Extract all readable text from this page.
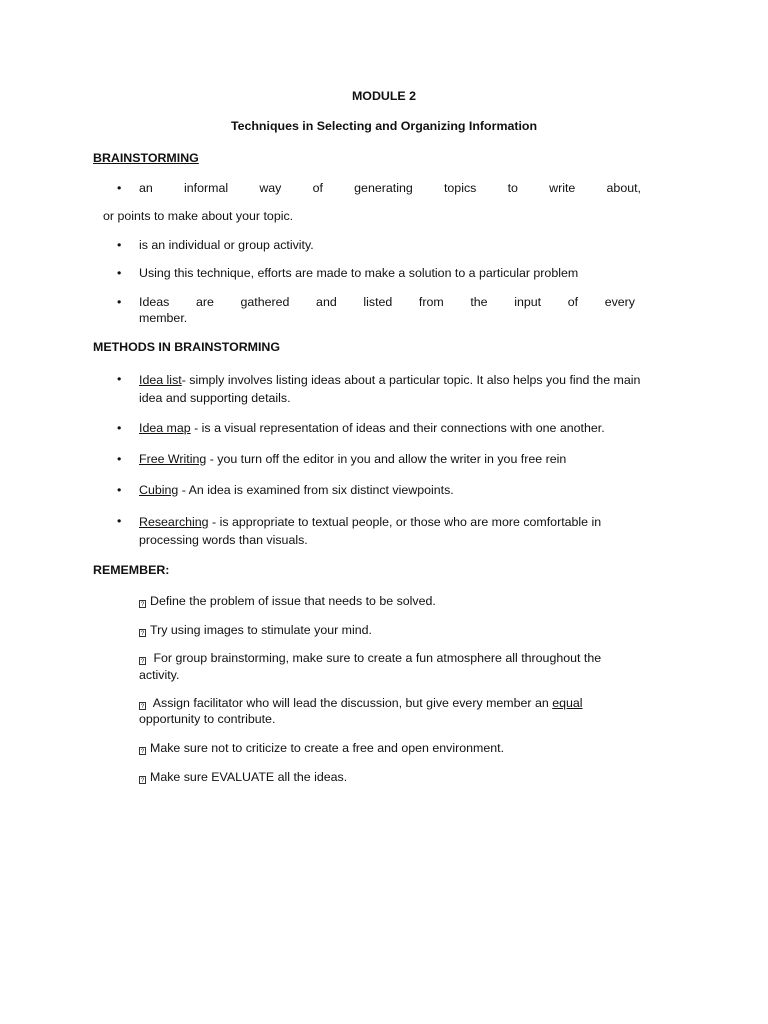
MODULE 2
Techniques in Selecting and Organizing Information
BRAINSTORMING
• an informal way of generating topics to write about,
or points to make about your topic.
• is an individual or group activity.
• Using this technique, efforts are made to make a solution to a particular problem
• Ideas are gathered and listed from the input of every
member.
METHODS IN BRAINSTORMING
• Idea list- simply involves listing ideas about a particular topic. It also helps you find the main idea and supporting details.
• Idea map - is a visual representation of ideas and their connections with one another.
• Free Writing - you turn off the editor in you and allow the writer in you free rein
• Cubing - An idea is examined from six distinct viewpoints.
• Researching - is appropriate to textual people, or those who are more comfortable in processing words than visuals.
REMEMBER:
? Define the problem of issue that needs to be solved.
? Try using images to stimulate your mind.
? For group brainstorming, make sure to create a fun atmosphere all throughout the activity.
? Assign facilitator who will lead the discussion, but give every member an equal
opportunity to contribute.
? Make sure not to criticize to create a free and open environment.
? Make sure EVALUATE all the ideas.
